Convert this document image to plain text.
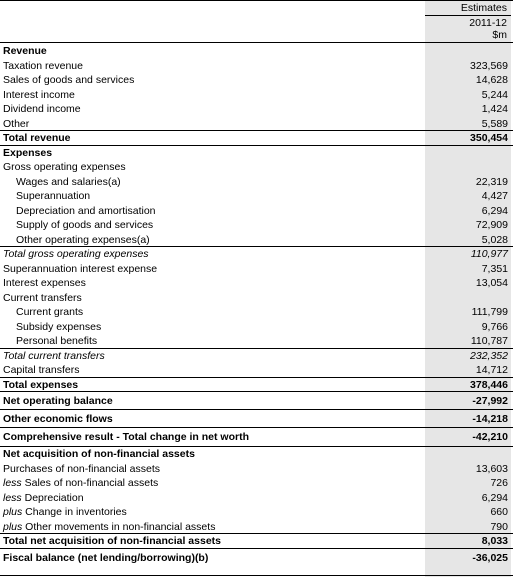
Estimates
2011-12
$m
Revenue
Taxation revenue	323,569
Sales of goods and services	14,628
Interest income	5,244
Dividend income	1,424
Other	5,589
Total revenue	350,454
Expenses
Gross operating expenses
Wages and salaries(a)	22,319
Superannuation	4,427
Depreciation and amortisation	6,294
Supply of goods and services	72,909
Other operating expenses(a)	5,028
Total gross operating expenses	110,977
Superannuation interest expense	7,351
Interest expenses	13,054
Current transfers
Current grants	111,799
Subsidy expenses	9,766
Personal benefits	110,787
Total current transfers	232,352
Capital transfers	14,712
Total expenses	378,446
Net operating balance	-27,992
Other economic flows	-14,218
Comprehensive result - Total change in net worth	-42,210
Net acquisition of non-financial assets
Purchases of non-financial assets	13,603
less Sales of non-financial assets	726
less Depreciation	6,294
plus Change in inventories	660
plus Other movements in non-financial assets	790
Total net acquisition of non-financial assets	8,033
Fiscal balance (net lending/borrowing)(b)	-36,025
